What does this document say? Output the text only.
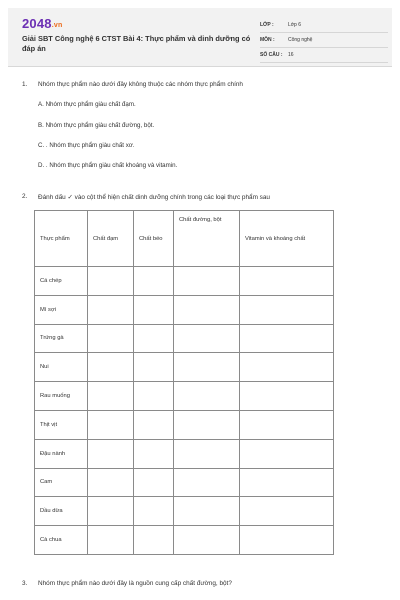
2048.vn
Giải SBT Công nghệ 6 CTST Bài 4: Thực phẩm và dinh dưỡng có đáp án
LỚP :	Lớp 6
MÔN :	Công nghệ
SỐ CÂU :	16
1. Nhóm thực phẩm nào dưới đây không thuộc các nhóm thực phẩm chính
A. Nhóm thực phẩm giàu chất đạm.
B. Nhóm thực phẩm giàu chất đường, bột.
C. . Nhóm thực phẩm giàu chất xơ.
D. . Nhóm thực phẩm giàu chất khoáng và vitamin.
2. Đánh dấu ✓ vào cột thể hiện chất dinh dưỡng chính trong các loại thực phẩm sau
Thực phẩm	Chất đạm	Chất béo	Chất đường, bột	Vitamin và khoáng chất
Cá chép				
Mì sợi				
Trứng gà				
Nui				
Rau muống				
Thịt vịt				
Đậu nành				
Cam				
Dầu dừa				
Cà chua				
3. Nhóm thực phẩm nào dưới đây là nguồn cung cấp chất đường, bột?
